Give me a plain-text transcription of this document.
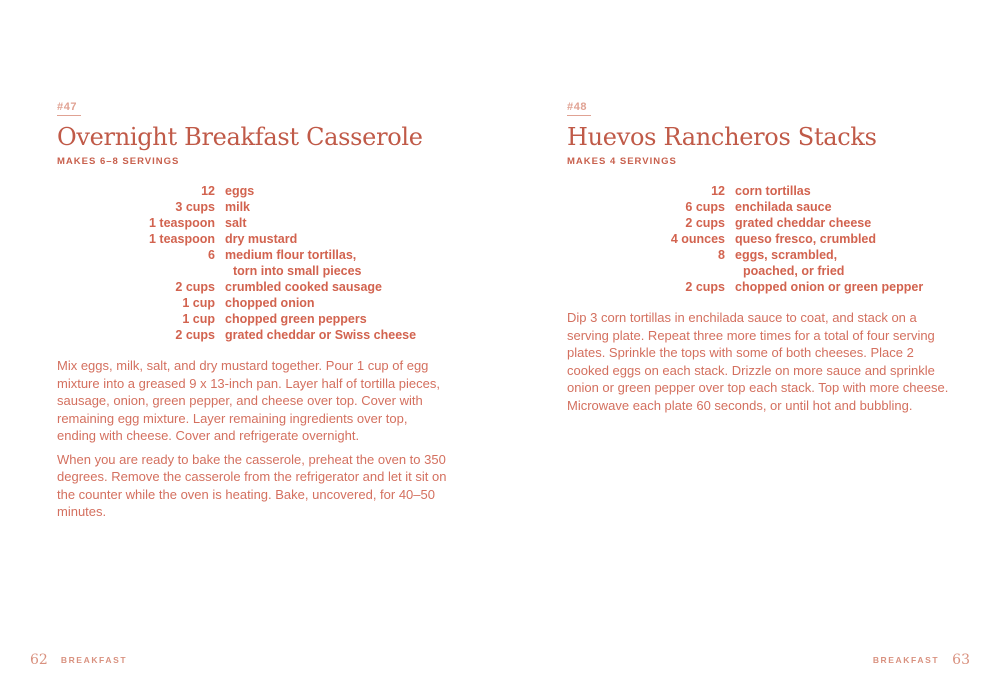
#47
Overnight Breakfast Casserole
MAKES 6–8 SERVINGS
12 eggs
3 cups milk
1 teaspoon salt
1 teaspoon dry mustard
6 medium flour tortillas,
torn into small pieces
2 cups crumbled cooked sausage
1 cup chopped onion
1 cup chopped green peppers
2 cups grated cheddar or Swiss cheese
Mix eggs, milk, salt, and dry mustard together. Pour 1 cup of egg mixture into a greased 9 x 13-inch pan. Layer half of tortilla pieces, sausage, onion, green pepper, and cheese over top. Cover with remaining egg mixture. Layer remaining ingredients over top, ending with cheese. Cover and refrigerate overnight.
When you are ready to bake the casserole, preheat the oven to 350 degrees. Remove the casserole from the refrigerator and let it sit on the counter while the oven is heating. Bake, uncovered, for 40–50 minutes.
#48
Huevos Rancheros Stacks
MAKES 4 SERVINGS
12 corn tortillas
6 cups enchilada sauce
2 cups grated cheddar cheese
4 ounces queso fresco, crumbled
8 eggs, scrambled,
poached, or fried
2 cups chopped onion or green pepper
Dip 3 corn tortillas in enchilada sauce to coat, and stack on a serving plate. Repeat three more times for a total of four serving plates. Sprinkle the tops with some of both cheeses. Place 2 cooked eggs on each stack. Drizzle on more sauce and sprinkle onion or green pepper over top each stack. Top with more cheese. Microwave each plate 60 seconds, or until hot and bubbling.
62 BREAKFAST	BREAKFAST 63
